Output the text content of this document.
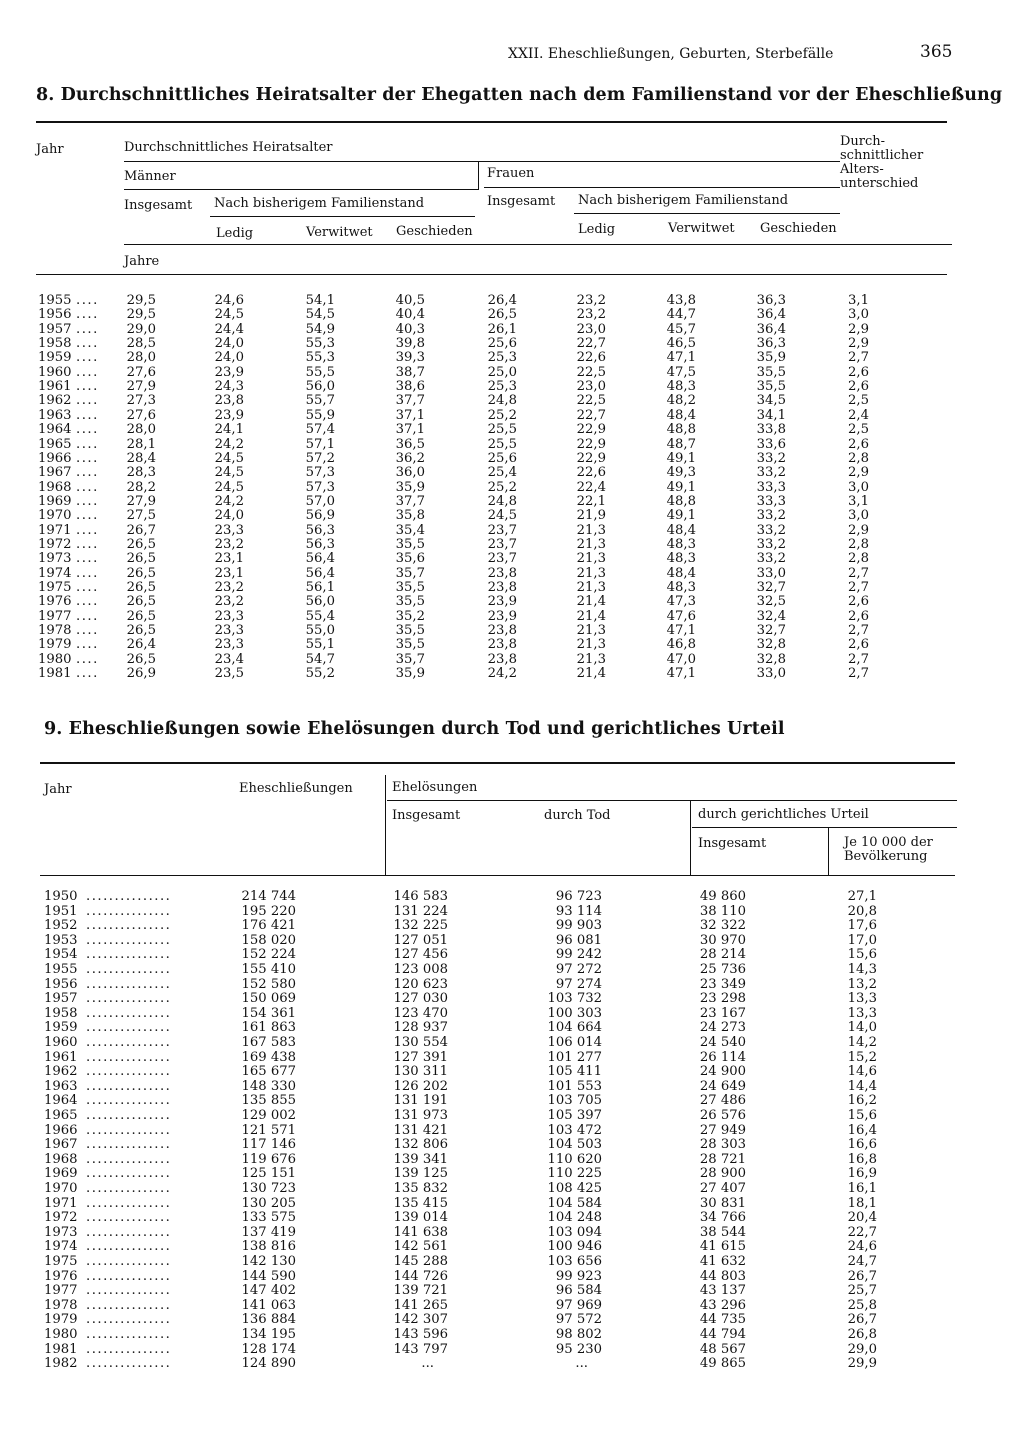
XXII. Eheschließungen, Geburten, Sterbefälle	365
8. Durchschnittliches Heiratsalter der Ehegatten nach dem Familienstand vor der Eheschließung
Jahr	Durchschnittliches Heiratsalter
Männer	Frauen
Durch-
schnittlicher
Alters-
unterschied
Insgesamt Nach bisherigem Familienstand	Insgesamt Nach bisherigem Familienstand
Ledig	Verwitwet Geschieden	Ledig	Verwitwet Geschieden
Jahre
1955 ....	29,5	24,6	54,1	40,5	26,4	23,2	43,8	36,3	3,1
1956 ....	29,5	24,5	54,5	40,4	26,5	23,2	44,7	36,4	3,0
1957 ....	29,0	24,4	54,9	40,3	26,1	23,0	45,7	36,4	2,9
1958 ....	28,5	24,0	55,3	39,8	25,6	22,7	46,5	36,3	2,9
1959 ....	28,0	24,0	55,3	39,3	25,3	22,6	47,1	35,9	2,7
1960 ....	27,6	23,9	55,5	38,7	25,0	22,5	47,5	35,5	2,6
1961 ....	27,9	24,3	56,0	38,6	25,3	23,0	48,3	35,5	2,6
1962 ....	27,3	23,8	55,7	37,7	24,8	22,5	48,2	34,5	2,5
1963 ....	27,6	23,9	55,9	37,1	25,2	22,7	48,4	34,1	2,4
1964 ....	28,0	24,1	57,4	37,1	25,5	22,9	48,8	33,8	2,5
1965 ....	28,1	24,2	57,1	36,5	25,5	22,9	48,7	33,6	2,6
1966 ....	28,4	24,5	57,2	36,2	25,6	22,9	49,1	33,2	2,8
1967 ....	28,3	24,5	57,3	36,0	25,4	22,6	49,3	33,2	2,9
1968 ....	28,2	24,5	57,3	35,9	25,2	22,4	49,1	33,3	3,0
1969 ....	27,9	24,2	57,0	37,7	24,8	22,1	48,8	33,3	3,1
1970 ....	27,5	24,0	56,9	35,8	24,5	21,9	49,1	33,2	3,0
1971 ....	26,7	23,3	56,3	35,4	23,7	21,3	48,4	33,2	2,9
1972 ....	26,5	23,2	56,3	35,5	23,7	21,3	48,3	33,2	2,8
1973 ....	26,5	23,1	56,4	35,6	23,7	21,3	48,3	33,2	2,8
1974 ....	26,5	23,1	56,4	35,7	23,8	21,3	48,4	33,0	2,7
1975 ....	26,5	23,2	56,1	35,5	23,8	21,3	48,3	32,7	2,7
1976 ....	26,5	23,2	56,0	35,5	23,9	21,4	47,3	32,5	2,6
1977 ....	26,5	23,3	55,4	35,2	23,9	21,4	47,6	32,4	2,6
1978 ....	26,5	23,3	55,0	35,5	23,8	21,3	47,1	32,7	2,7
1979 ....	26,4	23,3	55,1	35,5	23,8	21,3	46,8	32,8	2,6
1980 ....	26,5	23,4	54,7	35,7	23,8	21,3	47,0	32,8	2,7
1981 ....	26,9	23,5	55,2	35,9	24,2	21,4	47,1	33,0	2,7
9. Eheschließungen sowie Ehelösungen durch Tod und gerichtliches Urteil
Jahr	Eheschließungen	Ehelösungen
Insgesamt	durch Tod	durch gerichtliches Urteil
Insgesamt	Je 10 000 der
Bevölkerung
1950 ...............	214 744	146 583	96 723	49 860	27,1
1951 ...............	195 220	131 224	93 114	38 110	20,8
1952 ...............	176 421	132 225	99 903	32 322	17,6
1953 ...............	158 020	127 051	96 081	30 970	17,0
1954 ...............	152 224	127 456	99 242	28 214	15,6
1955 ...............	155 410	123 008	97 272	25 736	14,3
1956 ...............	152 580	120 623	97 274	23 349	13,2
1957 ...............	150 069	127 030	103 732	23 298	13,3
1958 ...............	154 361	123 470	100 303	23 167	13,3
1959 ...............	161 863	128 937	104 664	24 273	14,0
1960 ...............	167 583	130 554	106 014	24 540	14,2
1961 ...............	169 438	127 391	101 277	26 114	15,2
1962 ...............	165 677	130 311	105 411	24 900	14,6
1963 ...............	148 330	126 202	101 553	24 649	14,4
1964 ...............	135 855	131 191	103 705	27 486	16,2
1965 ...............	129 002	131 973	105 397	26 576	15,6
1966 ...............	121 571	131 421	103 472	27 949	16,4
1967 ...............	117 146	132 806	104 503	28 303	16,6
1968 ...............	119 676	139 341	110 620	28 721	16,8
1969 ...............	125 151	139 125	110 225	28 900	16,9
1970 ...............	130 723	135 832	108 425	27 407	16,1
1971 ...............	130 205	135 415	104 584	30 831	18,1
1972 ...............	133 575	139 014	104 248	34 766	20,4
1973 ...............	137 419	141 638	103 094	38 544	22,7
1974 ...............	138 816	142 561	100 946	41 615	24,6
1975 ...............	142 130	145 288	103 656	41 632	24,7
1976 ...............	144 590	144 726	99 923	44 803	26,7
1977 ...............	147 402	139 721	96 584	43 137	25,7
1978 ...............	141 063	141 265	97 969	43 296	25,8
1979 ...............	136 884	142 307	97 572	44 735	26,7
1980 ...............	134 195	143 596	98 802	44 794	26,8
1981 ...............	128 174	143 797	95 230	48 567	29,0
1982 ...............	124 890	...	...	49 865	29,9
